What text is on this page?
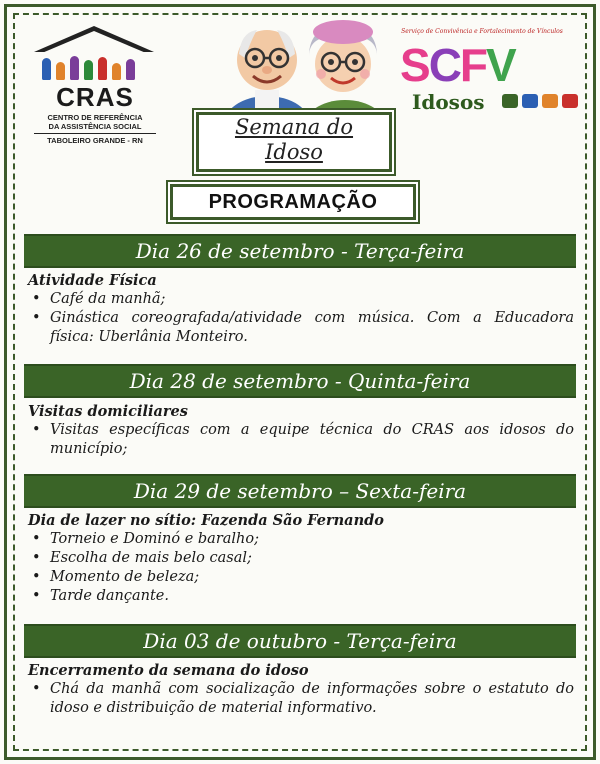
CRAS
CENTRO DE REFERÊNCIA
DA ASSISTÊNCIA SOCIAL
TABOLEIRO GRANDE - RN
Serviço de Convivência e Fortalecimento de Vínculos
SCFV
Idosos
Semana do
Idoso
PROGRAMAÇÃO
Dia 26 de setembro - Terça-feira
Atividade Física
• Café da manhã;
• Ginástica coreografada/atividade com música. Com a Educadora física: Uberlânia Monteiro.
Dia 28 de setembro - Quinta-feira
Visitas domiciliares
• Visitas específicas com a equipe técnica do CRAS aos idosos do município;
Dia 29 de setembro – Sexta-feira
Dia de lazer no sítio: Fazenda São Fernando
• Torneio e Dominó e baralho;
• Escolha de mais belo casal;
• Momento de beleza;
• Tarde dançante.
Dia 03 de outubro - Terça-feira
Encerramento da semana do idoso
• Chá da manhã com socialização de informações sobre o estatuto do idoso e distribuição de material informativo.
